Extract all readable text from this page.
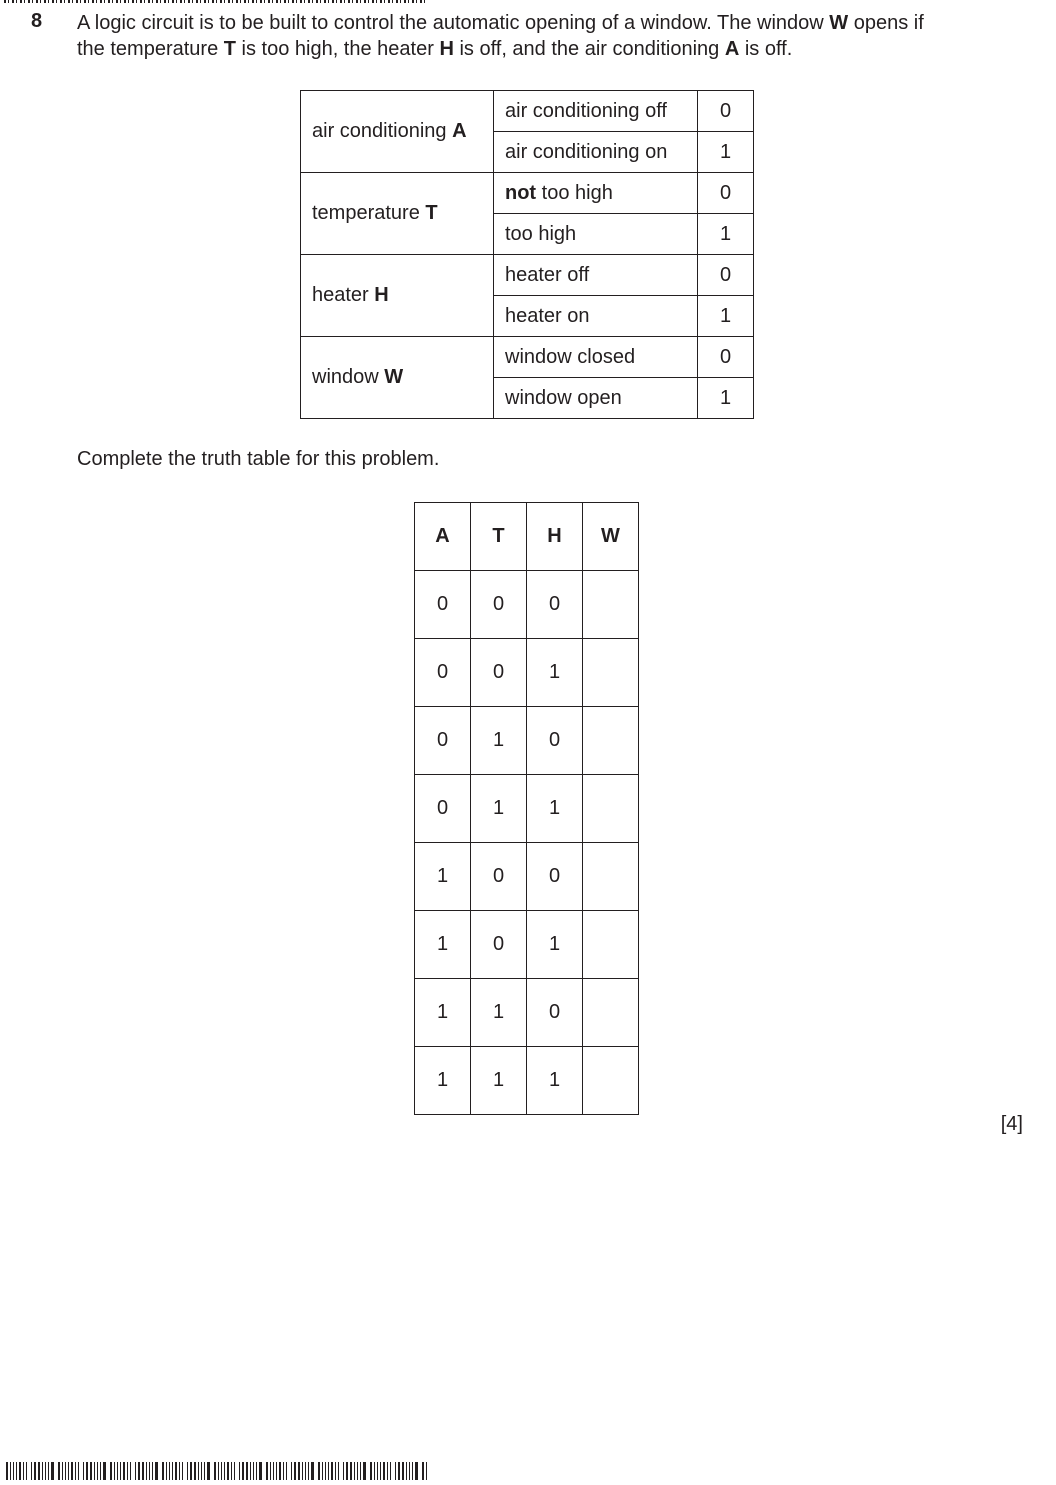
8 A logic circuit is to be built to control the automatic opening of a window. The window W opens if
the temperature T is too high, the heater H is off, and the air conditioning A is off.
air conditioning A	air conditioning off	0
	air conditioning on	1
temperature T	not too high	0
	too high	1
heater H	heater off	0
	heater on	1
window W	window closed	0
	window open	1
Complete the truth table for this problem.
A	T	H	W
0	0	0	
0	0	1	
0	1	0	
0	1	1	
1	0	0	
1	0	1	
1	1	0	
1	1	1	
[4]
